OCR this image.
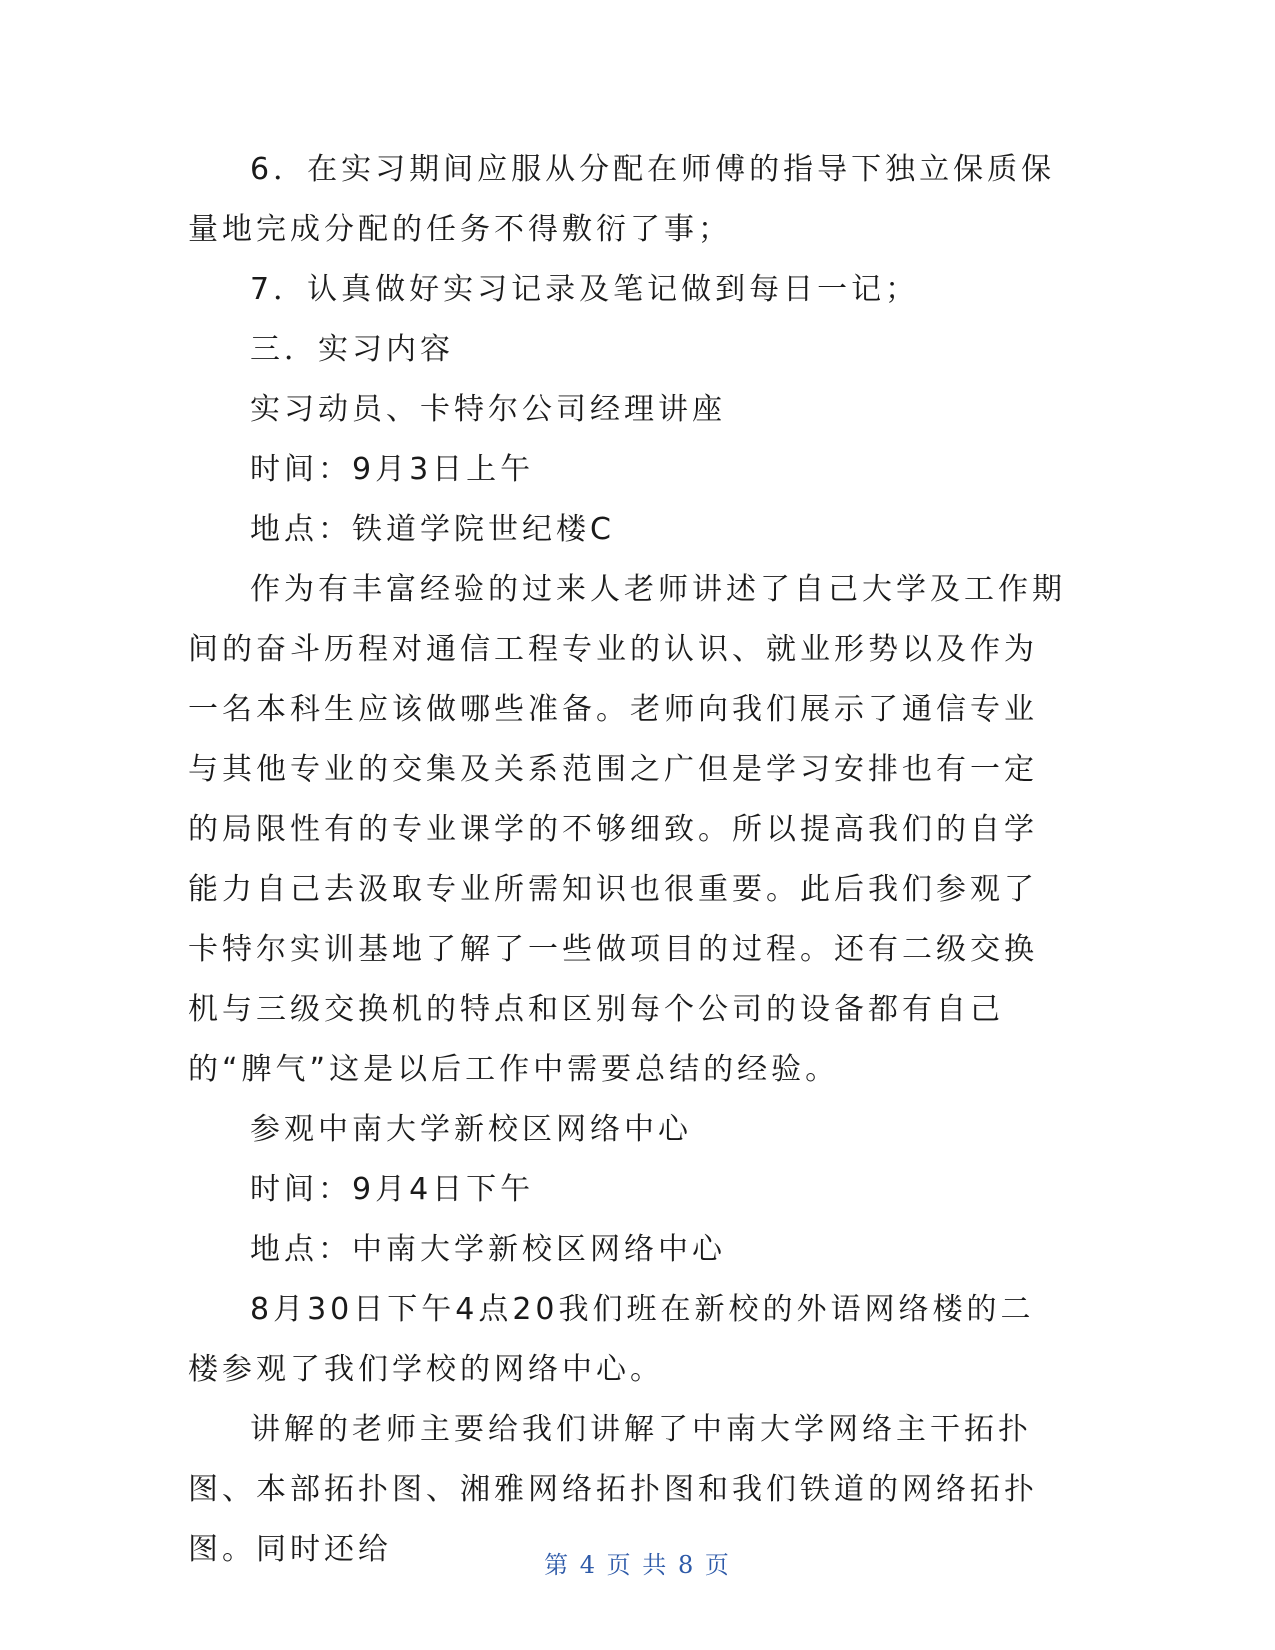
6．在实习期间应服从分配在师傅的指导下独立保质保量地完成分配的任务不得敷衍了事；

7．认真做好实习记录及笔记做到每日一记；

三．实习内容

实习动员、卡特尔公司经理讲座

时间：9月3日上午

地点：铁道学院世纪楼C

作为有丰富经验的过来人老师讲述了自己大学及工作期间的奋斗历程对通信工程专业的认识、就业形势以及作为一名本科生应该做哪些准备。老师向我们展示了通信专业与其他专业的交集及关系范围之广但是学习安排也有一定的局限性有的专业课学的不够细致。所以提高我们的自学能力自己去汲取专业所需知识也很重要。此后我们参观了卡特尔实训基地了解了一些做项目的过程。还有二级交换机与三级交换机的特点和区别每个公司的设备都有自己的“脾气”这是以后工作中需要总结的经验。

参观中南大学新校区网络中心

时间：9月4日下午

地点：中南大学新校区网络中心

8月30日下午4点20我们班在新校的外语网络楼的二楼参观了我们学校的网络中心。

讲解的老师主要给我们讲解了中南大学网络主干拓扑图、本部拓扑图、湘雅网络拓扑图和我们铁道的网络拓扑图。同时还给	第 4 页 共 8 页
